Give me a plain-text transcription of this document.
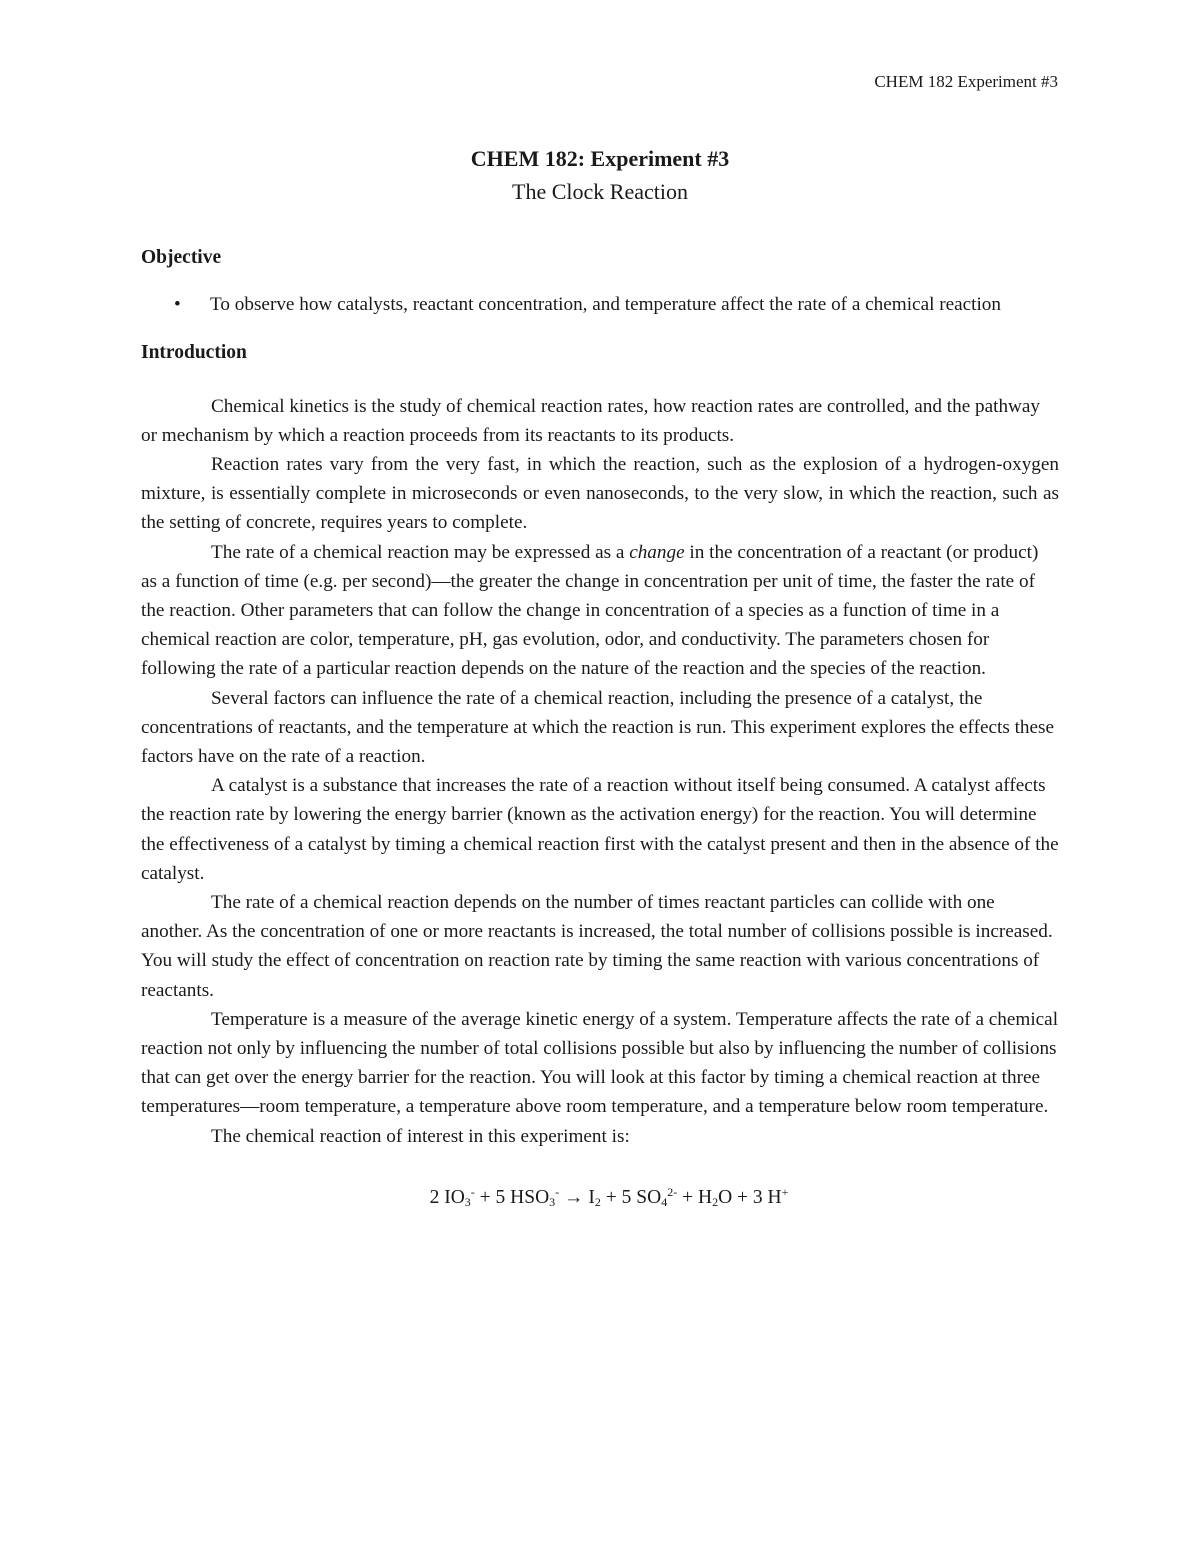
CHEM 182 Experiment #3
CHEM 182: Experiment #3
The Clock Reaction
Objective
• To observe how catalysts, reactant concentration, and temperature affect the rate of a chemical reaction
Introduction

Chemical kinetics is the study of chemical reaction rates, how reaction rates are controlled, and the pathway or mechanism by which a reaction proceeds from its reactants to its products.

Reaction rates vary from the very fast, in which the reaction, such as the explosion of a hydrogen-oxygen mixture, is essentially complete in microseconds or even nanoseconds, to the very slow, in which the reaction, such as the setting of concrete, requires years to complete.

The rate of a chemical reaction may be expressed as a change in the concentration of a reactant (or product) as a function of time (e.g. per second)—the greater the change in concentration per unit of time, the faster the rate of the reaction. Other parameters that can follow the change in concentration of a species as a function of time in a chemical reaction are color, temperature, pH, gas evolution, odor, and conductivity. The parameters chosen for following the rate of a particular reaction depends on the nature of the reaction and the species of the reaction.

Several factors can influence the rate of a chemical reaction, including the presence of a catalyst, the concentrations of reactants, and the temperature at which the reaction is run. This experiment explores the effects these factors have on the rate of a reaction.

A catalyst is a substance that increases the rate of a reaction without itself being consumed. A catalyst affects the reaction rate by lowering the energy barrier (known as the activation energy) for the reaction. You will determine the effectiveness of a catalyst by timing a chemical reaction first with the catalyst present and then in the absence of the catalyst.

The rate of a chemical reaction depends on the number of times reactant particles can collide with one another. As the concentration of one or more reactants is increased, the total number of collisions possible is increased. You will study the effect of concentration on reaction rate by timing the same reaction with various concentrations of reactants.

Temperature is a measure of the average kinetic energy of a system. Temperature affects the rate of a chemical reaction not only by influencing the number of total collisions possible but also by influencing the number of collisions that can get over the energy barrier for the reaction. You will look at this factor by timing a chemical reaction at three temperatures—room temperature, a temperature above room temperature, and a temperature below room temperature.

The chemical reaction of interest in this experiment is:

2 $IO_3^- + 5$ $HSO_3^- \to I_2 + 5$ $SO_4^{2-} + H_2O + 3$ H+
